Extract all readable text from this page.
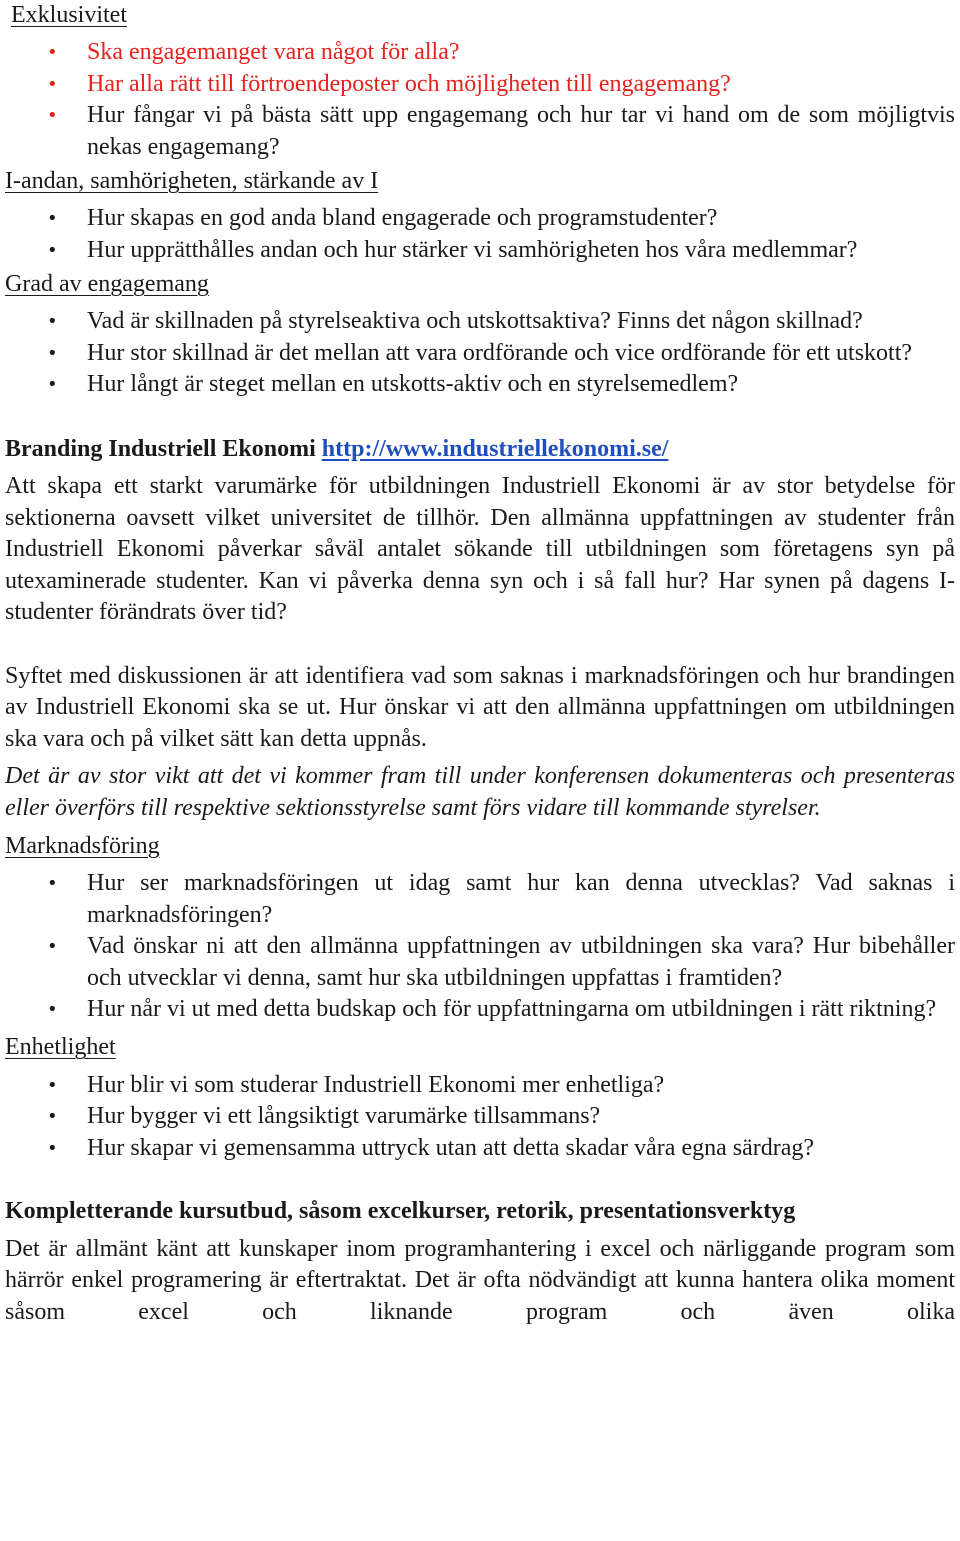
Exklusivitet
• Ska engagemanget vara något för alla?
• Har alla rätt till förtroendeposter och möjligheten till engagemang?
• Hur fångar vi på bästa sätt upp engagemang och hur tar vi hand om de som möjligtvis nekas engagemang?
I-andan, samhörigheten, stärkande av I
• Hur skapas en god anda bland engagerade och programstudenter?
• Hur upprätthålles andan och hur stärker vi samhörigheten hos våra medlemmar?
Grad av engagemang
• Vad är skillnaden på styrelseaktiva och utskottsaktiva? Finns det någon skillnad?
• Hur stor skillnad är det mellan att vara ordförande och vice ordförande för ett utskott?
• Hur långt är steget mellan en utskotts-aktiv och en styrelsemedlem?

Branding Industriell Ekonomi http://www.industriellekonomi.se/

Att skapa ett starkt varumärke för utbildningen Industriell Ekonomi är av stor betydelse för sektionerna oavsett vilket universitet de tillhör. Den allmänna uppfattningen av studenter från Industriell Ekonomi påverkar såväl antalet sökande till utbildningen som företagens syn på utexaminerade studenter. Kan vi påverka denna syn och i så fall hur? Har synen på dagens I-studenter förändrats över tid?

Syftet med diskussionen är att identifiera vad som saknas i marknadsföringen och hur brandingen av Industriell Ekonomi ska se ut. Hur önskar vi att den allmänna uppfattningen om utbildningen ska vara och på vilket sätt kan detta uppnås.

Det är av stor vikt att det vi kommer fram till under konferensen dokumenteras och presenteras eller överförs till respektive sektionsstyrelse samt förs vidare till kommande styrelser.

Marknadsföring
• Hur ser marknadsföringen ut idag samt hur kan denna utvecklas? Vad saknas i marknadsföringen?
• Vad önskar ni att den allmänna uppfattningen av utbildningen ska vara? Hur bibehåller och utvecklar vi denna, samt hur ska utbildningen uppfattas i framtiden?
• Hur når vi ut med detta budskap och för uppfattningarna om utbildningen i rätt riktning?
Enhetlighet
• Hur blir vi som studerar Industriell Ekonomi mer enhetliga?
• Hur bygger vi ett långsiktigt varumärke tillsammans?
• Hur skapar vi gemensamma uttryck utan att detta skadar våra egna särdrag?

Kompletterande kursutbud, såsom excelkurser, retorik, presentationsverktyg

Det är allmänt känt att kunskaper inom programhantering i excel och närliggande program som härrör enkel programering är eftertraktat. Det är ofta nödvändigt att kunna hantera olika moment såsom excel och liknande program och även olika
